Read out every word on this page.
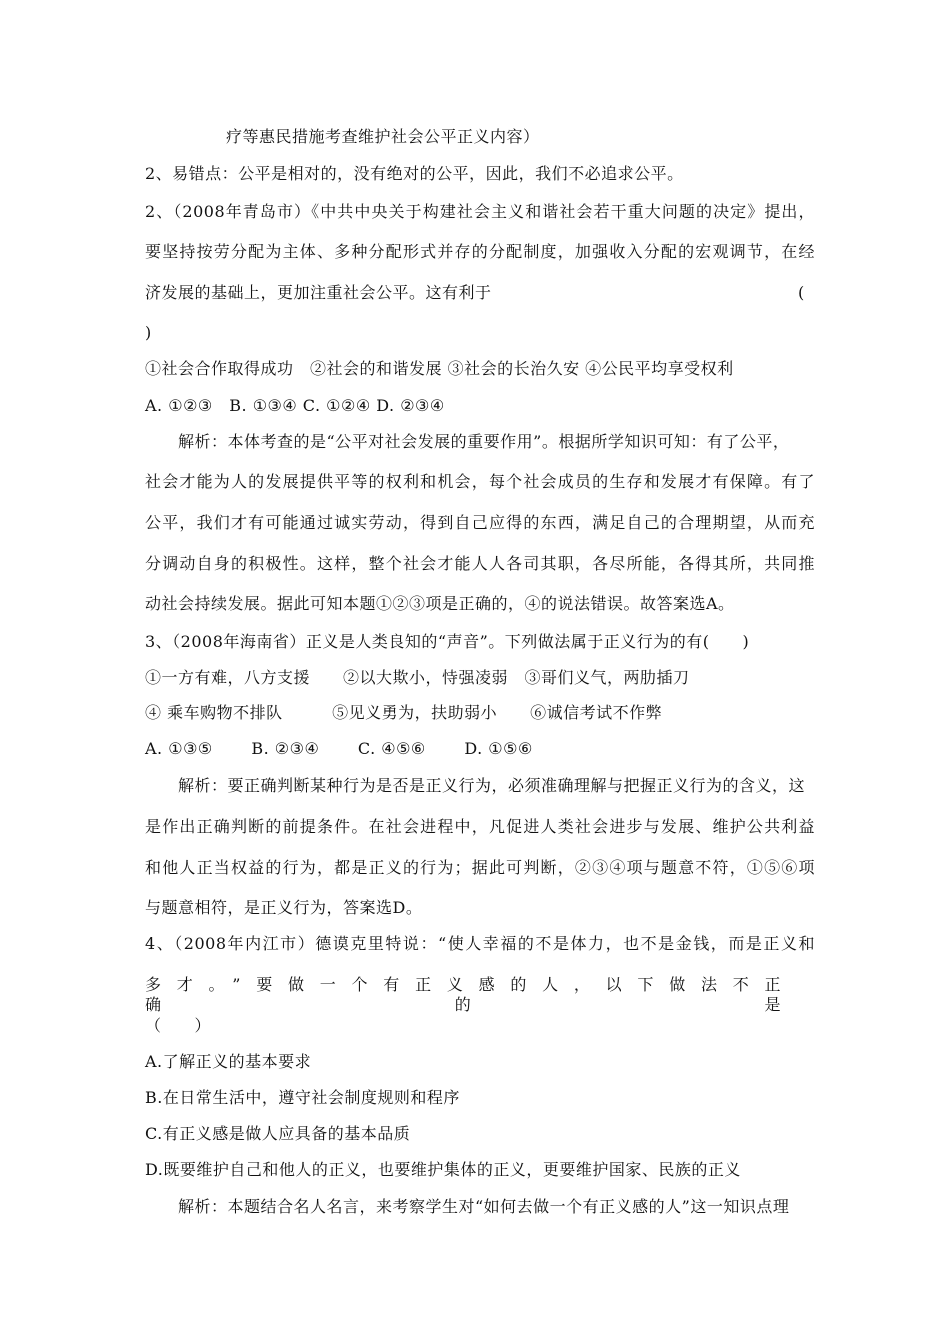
疗等惠民措施考查维护社会公平正义内容）
2、易错点：公平是相对的，没有绝对的公平，因此，我们不必追求公平。
2、（2008年青岛市）《中共中央关于构建社会主义和谐社会若干重大问题的决定》提出，
要坚持按劳分配为主体、多种分配形式并存的分配制度，加强收入分配的宏观调节，在经
济发展的基础上，更加注重社会公平。这有利于	(
)
①社会合作取得成功　②社会的和谐发展 ③社会的长治久安 ④公民平均享受权利
A. ①②③　B. ①③④ C. ①②④ D. ②③④
解析：本体考查的是“公平对社会发展的重要作用”。根据所学知识可知：有了公平，
社会才能为人的发展提供平等的权利和机会，每个社会成员的生存和发展才有保障。有了
公平，我们才有可能通过诚实劳动，得到自己应得的东西，满足自己的合理期望，从而充
分调动自身的积极性。这样，整个社会才能人人各司其职，各尽所能，各得其所，共同推
动社会持续发展。据此可知本题①②③项是正确的，④的说法错误。故答案选A。
3、（2008年海南省）正义是人类良知的“声音”。下列做法属于正义行为的有(　　)
①一方有难，八方支援　　②以大欺小，恃强凌弱　③哥们义气，两肋插刀
④ 乘车购物不排队　　　⑤见义勇为，扶助弱小　　⑥诚信考试不作弊
A. ①③⑤　　 B. ②③④　　 C. ④⑤⑥　　 D. ①⑤⑥
解析：要正确判断某种行为是否是正义行为，必须准确理解与把握正义行为的含义，这
是作出正确判断的前提条件。在社会进程中，凡促进人类社会进步与发展、维护公共利益
和他人正当权益的行为，都是正义的行为；据此可判断，②③④项与题意不符，①⑤⑥项
与题意相符，是正义行为，答案选D。
4、（2008年内江市）德谟克里特说：“使人幸福的不是体力，也不是金钱，而是正义和
多才。”要做一个有正义感的人，以下做法不正确的是
（　　）
A.了解正义的基本要求
B.在日常生活中，遵守社会制度规则和程序
C.有正义感是做人应具备的基本品质
D.既要维护自己和他人的正义，也要维护集体的正义，更要维护国家、民族的正义
解析：本题结合名人名言，来考察学生对“如何去做一个有正义感的人”这一知识点理
